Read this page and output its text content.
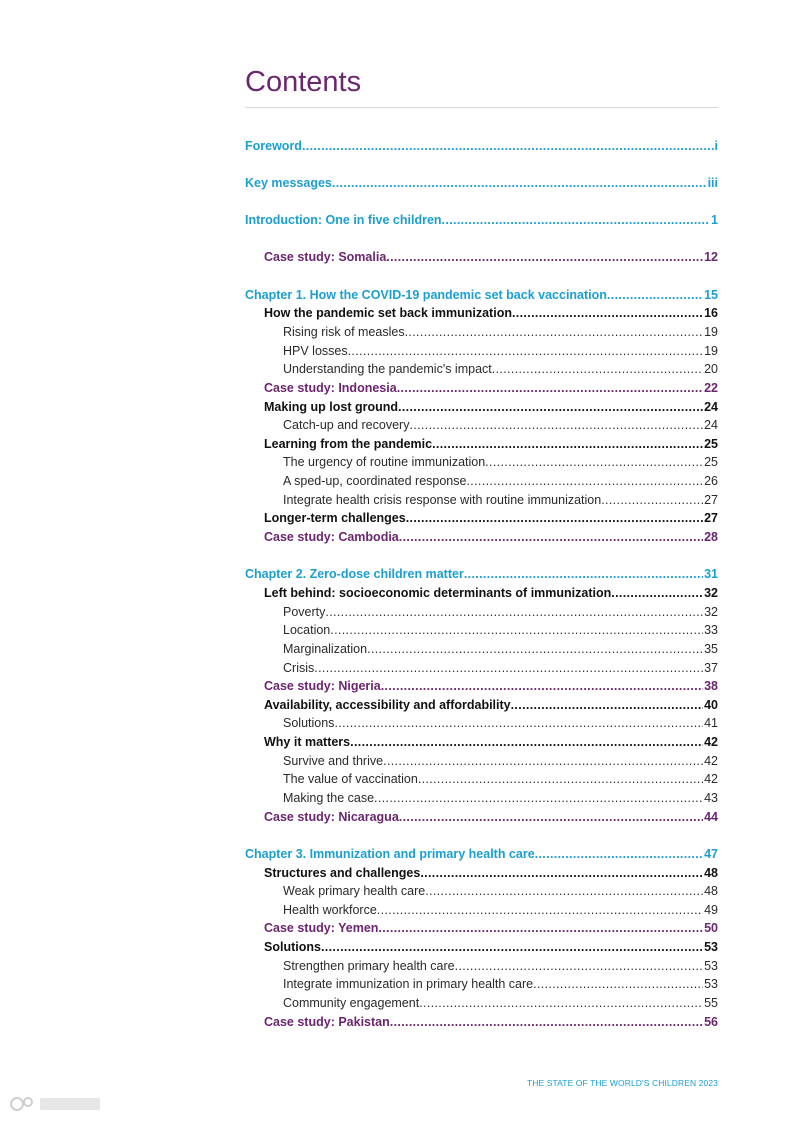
Contents
Foreword .....	i
Key messages .....	iii
Introduction: One in five children .....	1
Case study: Somalia .....	12
Chapter 1. How the COVID-19 pandemic set back vaccination .....	15
How the pandemic set back immunization .....	16
Rising risk of measles .....	19
HPV losses .....	19
Understanding the pandemic's impact .....	20
Case study: Indonesia .....	22
Making up lost ground .....	24
Catch-up and recovery .....	24
Learning from the pandemic .....	25
The urgency of routine immunization .....	25
A sped-up, coordinated response .....	26
Integrate health crisis response with routine immunization .....	27
Longer-term challenges .....	27
Case study: Cambodia .....	28
Chapter 2. Zero-dose children matter .....	31
Left behind: socioeconomic determinants of immunization .....	32
Poverty .....	32
Location .....	33
Marginalization .....	35
Crisis .....	37
Case study: Nigeria .....	38
Availability, accessibility and affordability .....	40
Solutions .....	41
Why it matters .....	42
Survive and thrive .....	42
The value of vaccination .....	42
Making the case .....	43
Case study: Nicaragua .....	44
Chapter 3. Immunization and primary health care .....	47
Structures and challenges .....	48
Weak primary health care .....	48
Health workforce .....	49
Case study: Yemen .....	50
Solutions .....	53
Strengthen primary health care .....	53
Integrate immunization in primary health care .....	53
Community engagement .....	55
Case study: Pakistan .....	56
THE STATE OF THE WORLD'S CHILDREN 2023
